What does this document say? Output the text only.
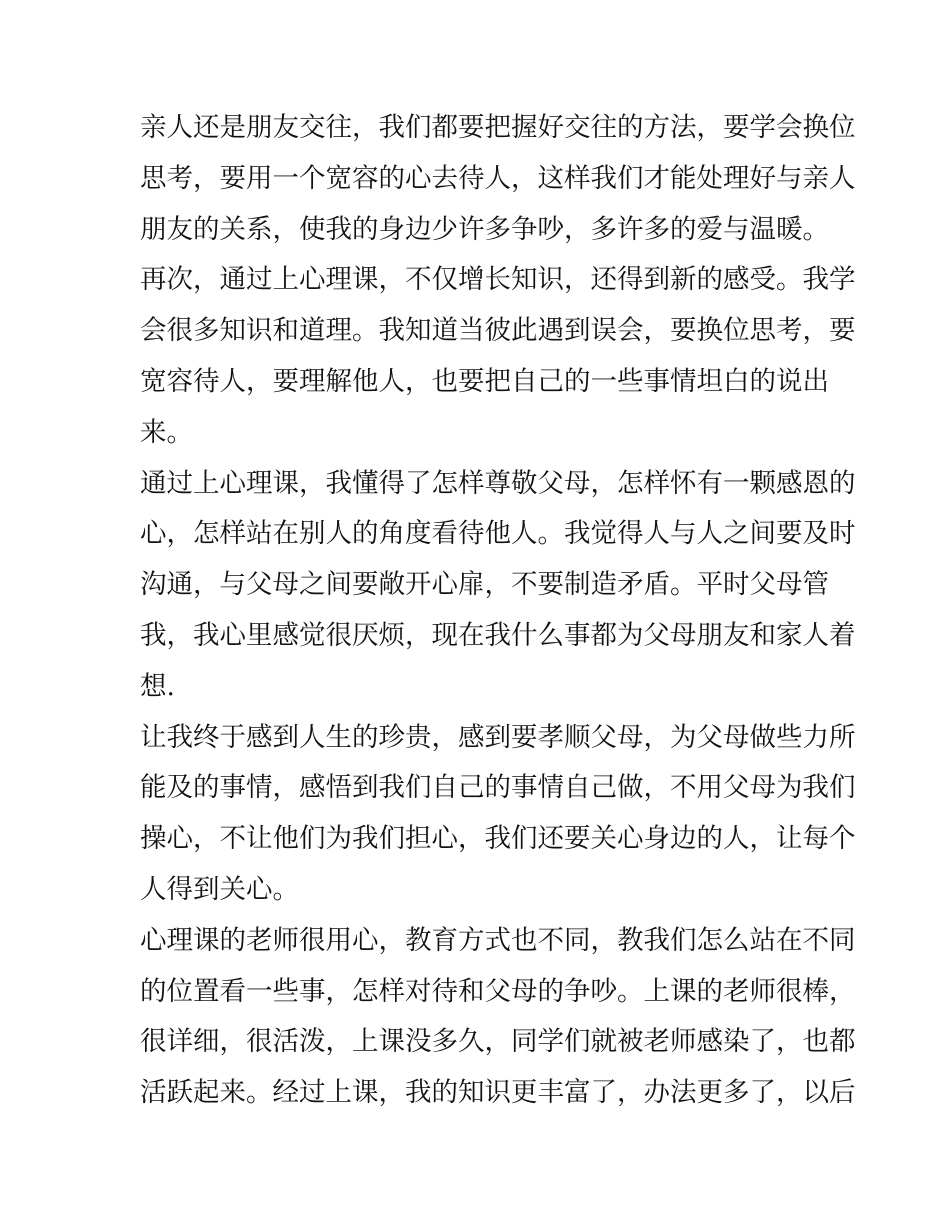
亲人还是朋友交往，我们都要把握好交往的方法，要学会换位

思考，要用一个宽容的心去待人，这样我们才能处理好与亲人

朋友的关系，使我的身边少许多争吵，多许多的爱与温暖。

再次，通过上心理课，不仅增长知识，还得到新的感受。我学

会很多知识和道理。我知道当彼此遇到误会，要换位思考，要

宽容待人，要理解他人，也要把自己的一些事情坦白的说出

来。

通过上心理课，我懂得了怎样尊敬父母，怎样怀有一颗感恩的

心，怎样站在别人的角度看待他人。我觉得人与人之间要及时

沟通，与父母之间要敞开心扉，不要制造矛盾。平时父母管

我，我心里感觉很厌烦，现在我什么事都为父母朋友和家人着

想.

让我终于感到人生的珍贵，感到要孝顺父母，为父母做些力所

能及的事情，感悟到我们自己的事情自己做，不用父母为我们

操心，不让他们为我们担心，我们还要关心身边的人，让每个

人得到关心。

心理课的老师很用心，教育方式也不同，教我们怎么站在不同

的位置看一些事，怎样对待和父母的争吵。上课的老师很棒，

很详细，很活泼，上课没多久，同学们就被老师感染了，也都

活跃起来。经过上课，我的知识更丰富了，办法更多了，以后
